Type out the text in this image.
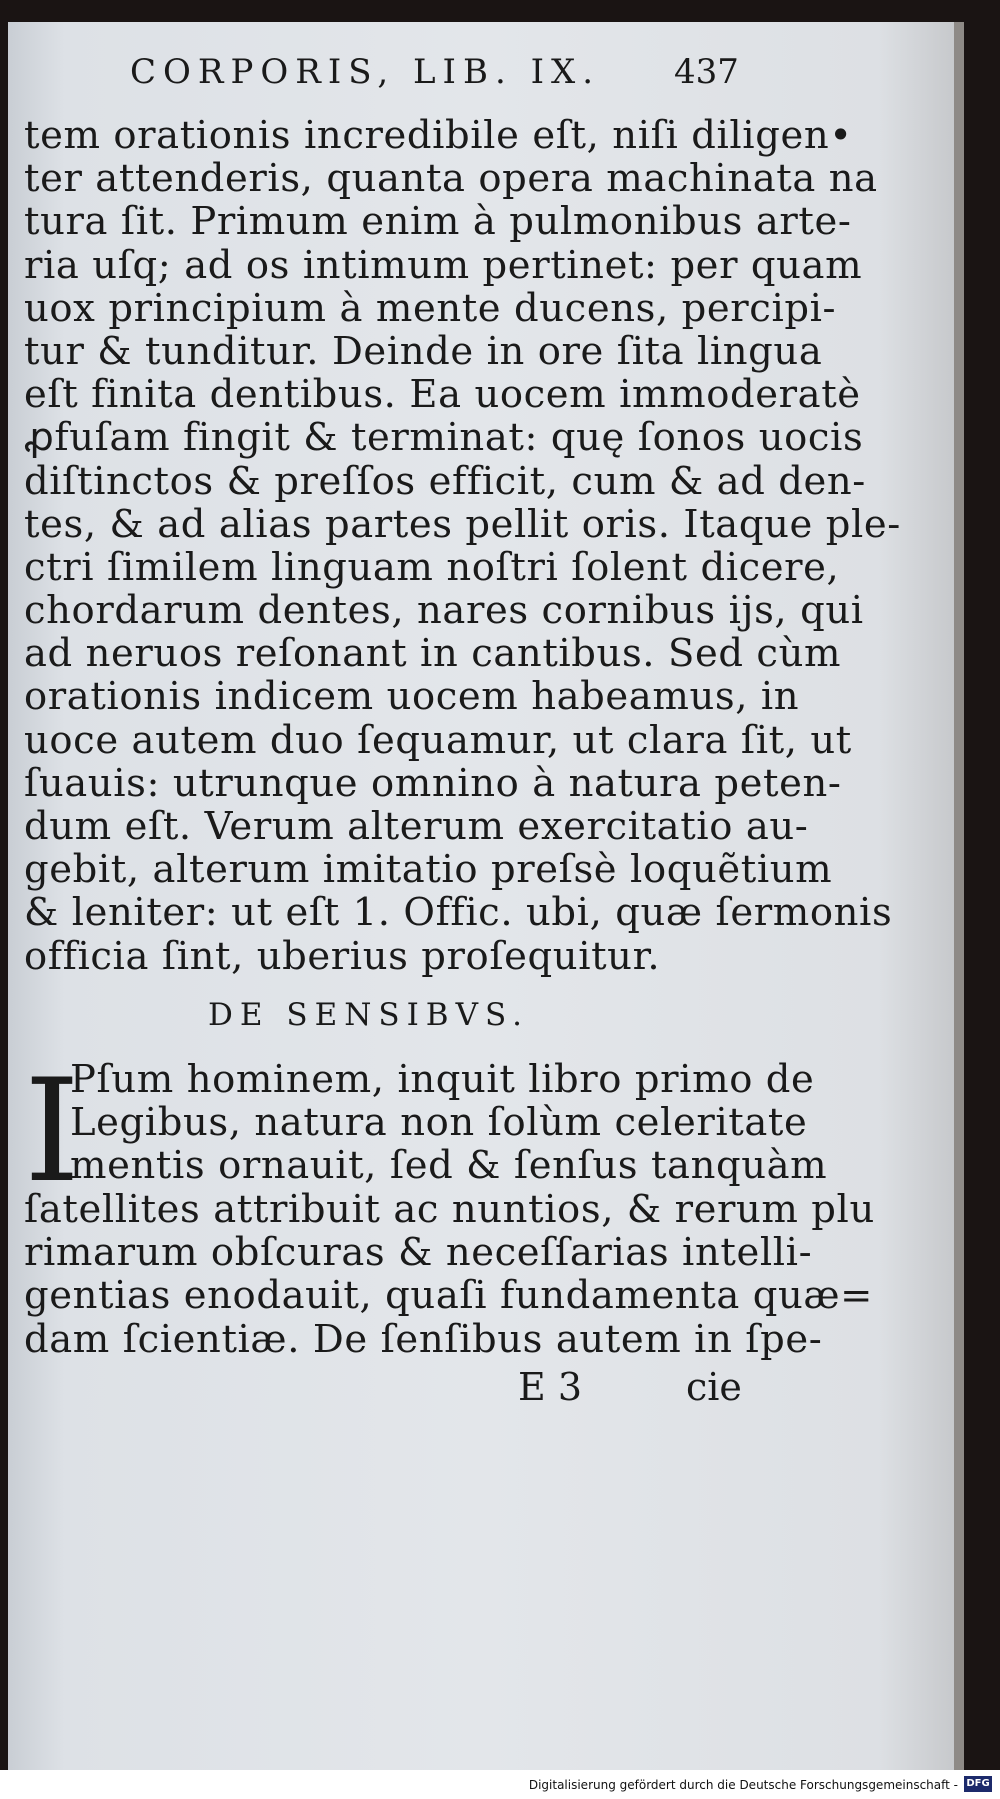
CORPORIS, LIB. IX. 437
tem orationis incredibile eſt, niſi diligen•
ter attenderis, quanta opera machinata na
tura ſit. Primum enim à pulmonibus arte‐
ria uſq; ad os intimum pertinet: per quam
uox principium à mente ducens, percipi‐
tur & tunditur. Deinde in ore ſita lingua
eſt finita dentibus. Ea uocem immoderatè
ꝓfuſam fingit & terminat: quę ſonos uocis
diſtinctos & preſſos efficit, cum & ad den‐
tes, & ad alias partes pellit oris. Itaque ple‐
ctri ſimilem linguam noſtri ſolent dicere,
chordarum dentes, nares cornibus ijs, qui
ad neruos reſonant in cantibus. Sed cùm
orationis indicem uocem habeamus, in
uoce autem duo ſequamur, ut clara ſit, ut
ſuauis: utrunque omnino à natura peten‐
dum eſt. Verum alterum exercitatio au‐
gebit, alterum imitatio preſsè loquẽtium
& leniter: ut eſt 1. Offic. ubi, quæ ſermonis
officia ſint, uberius proſequitur.
DE SENSIBVS.
I
Pſum hominem, inquit libro primo de
Legibus, natura non ſolùm celeritate
mentis ornauit, ſed & ſenſus tanquàm
ſatellites attribuit ac nuntios, & rerum plu
rimarum obſcuras & neceſſarias intelli‐
gentias enodauit, quaſi fundamenta quæ=
dam ſcientiæ. De ſenſibus autem in ſpe‐
E 3	cie
Digitalisierung gefördert durch die Deutsche Forschungsgemeinschaft - DFG
